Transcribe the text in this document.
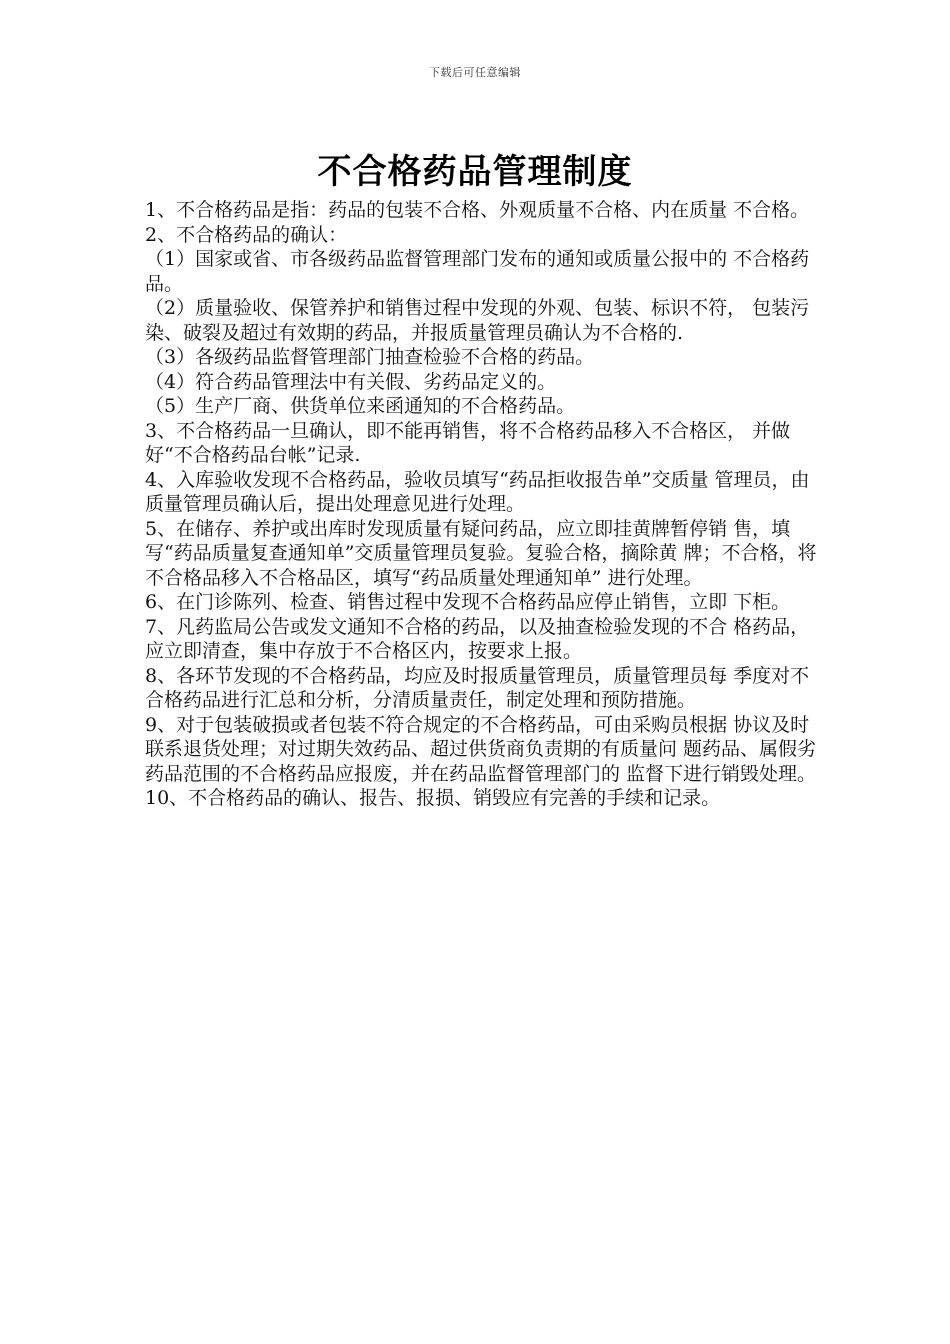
下载后可任意编辑
不合格药品管理制度

1、不合格药品是指：药品的包装不合格、外观质量不合格、内在质量 不合格。

2、不合格药品的确认：

（1）国家或省、市各级药品监督管理部门发布的通知或质量公报中的 不合格药品。

（2）质量验收、保管养护和销售过程中发现的外观、包装、标识不符， 包装污染、破裂及超过有效期的药品，并报质量管理员确认为不合格的.

（3）各级药品监督管理部门抽查检验不合格的药品。

（4）符合药品管理法中有关假、劣药品定义的。

（5）生产厂商、供货单位来函通知的不合格药品。

3、不合格药品一旦确认，即不能再销售，将不合格药品移入不合格区， 并做好“不合格药品台帐”记录.

4、入库验收发现不合格药品，验收员填写“药品拒收报告单”交质量 管理员，由质量管理员确认后，提出处理意见进行处理。

5、在储存、养护或出库时发现质量有疑问药品，应立即挂黄牌暂停销 售，填写“药品质量复查通知单”交质量管理员复验。复验合格，摘除黄 牌；不合格，将不合格品移入不合格品区，填写“药品质量处理通知单” 进行处理。

6、在门诊陈列、检查、销售过程中发现不合格药品应停止销售，立即 下柜。

7、凡药监局公告或发文通知不合格的药品，以及抽查检验发现的不合 格药品，应立即清查，集中存放于不合格区内，按要求上报。

8、各环节发现的不合格药品，均应及时报质量管理员，质量管理员每 季度对不合格药品进行汇总和分析，分清质量责任，制定处理和预防措施。

9、对于包装破损或者包装不符合规定的不合格药品，可由采购员根据 协议及时联系退货处理；对过期失效药品、超过供货商负责期的有质量问 题药品、属假劣药品范围的不合格药品应报废，并在药品监督管理部门的 监督下进行销毁处理。

10、不合格药品的确认、报告、报损、销毁应有完善的手续和记录。
